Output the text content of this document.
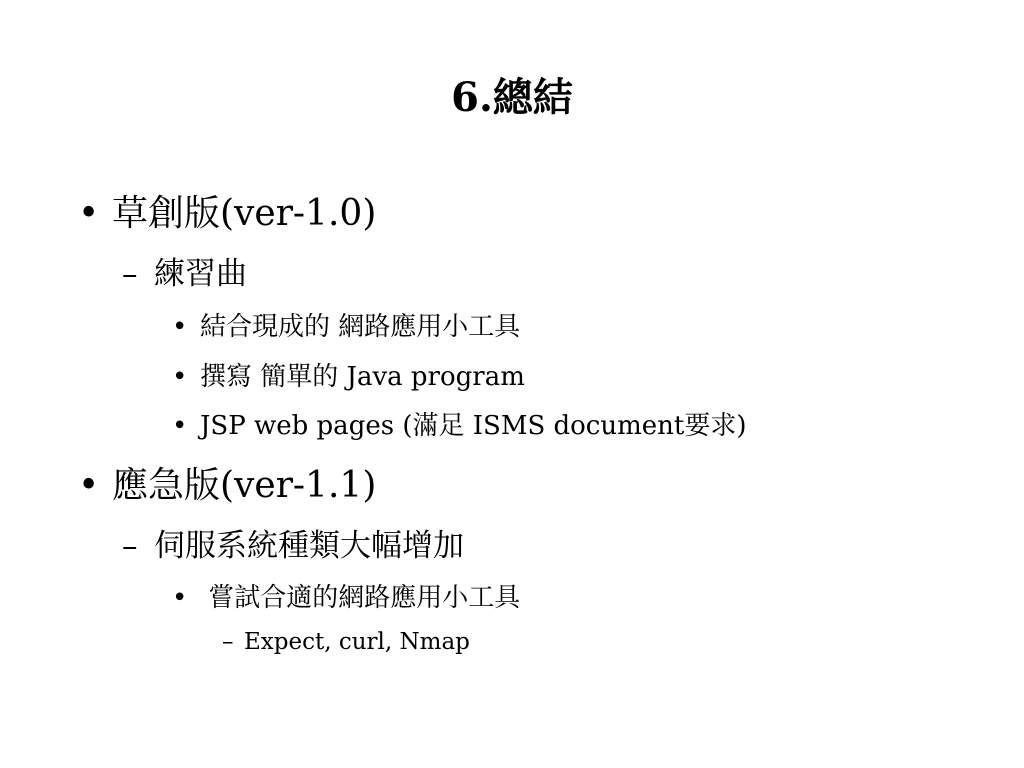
6.總結
• 草創版(ver-1.0)
– 練習曲
• 結合現成的 網路應用小工具
• 撰寫 簡單的 Java program
• JSP web pages (滿足 ISMS document要求)
• 應急版(ver-1.1)
– 伺服系統種類大幅增加
• 嘗試合適的網路應用小工具
– Expect, curl, Nmap
